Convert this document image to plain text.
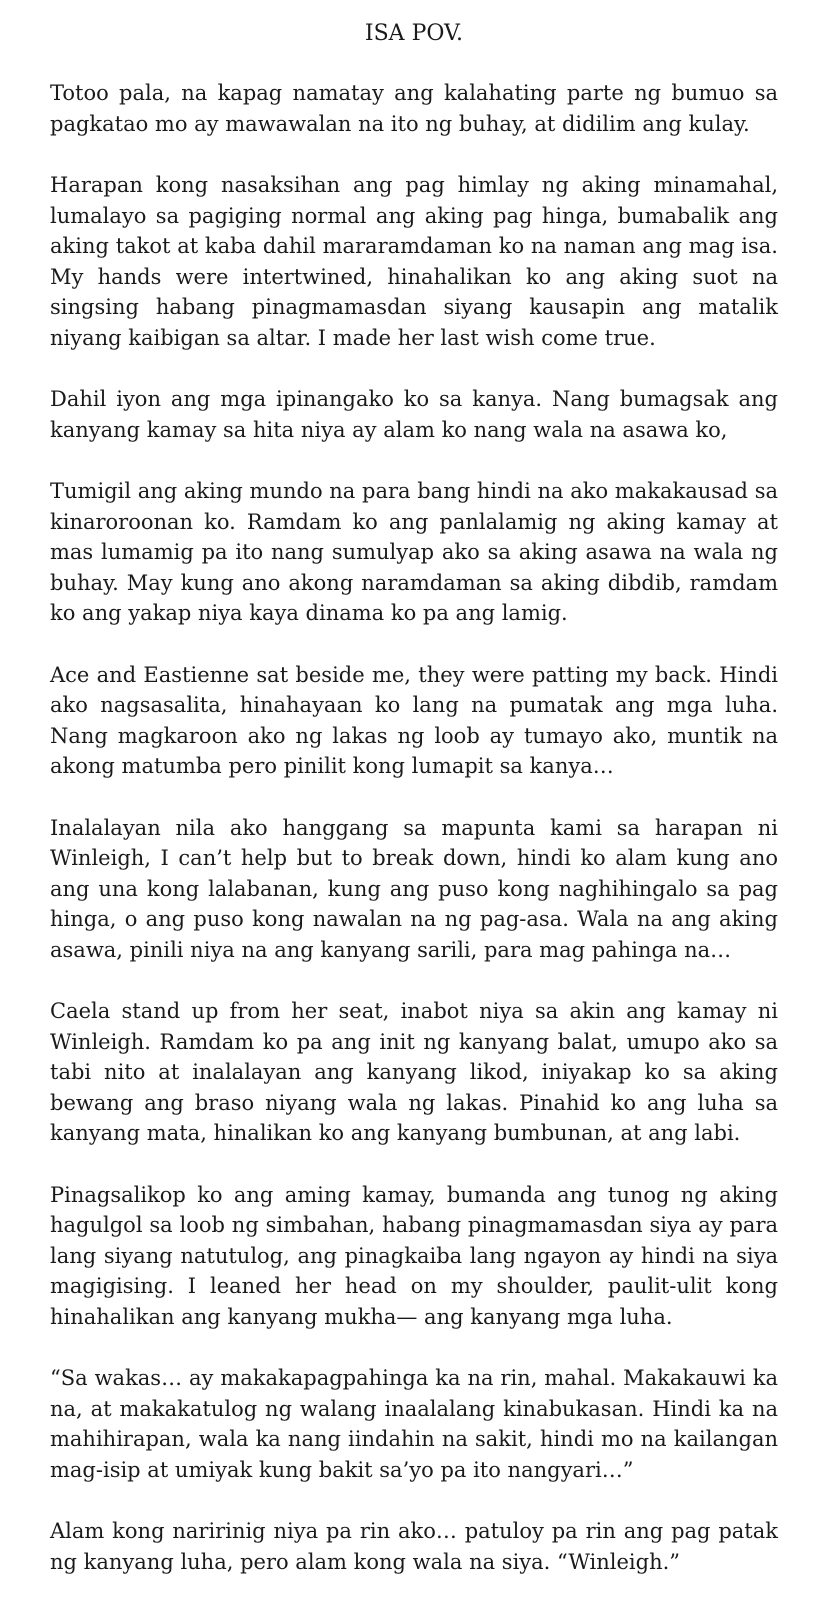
ISA POV.

Totoo pala, na kapag namatay ang kalahating parte ng bumuo sa pagkatao mo ay mawawalan na ito ng buhay, at didilim ang kulay.

Harapan kong nasaksihan ang pag himlay ng aking minamahal, lumalayo sa pagiging normal ang aking pag hinga, bumabalik ang aking takot at kaba dahil mararamdaman ko na naman ang mag isa. My hands were intertwined, hinahalikan ko ang aking suot na singsing habang pinagmamasdan siyang kausapin ang matalik niyang kaibigan sa altar. I made her last wish come true.

Dahil iyon ang mga ipinangako ko sa kanya. Nang bumagsak ang kanyang kamay sa hita niya ay alam ko nang wala na asawa ko,

Tumigil ang aking mundo na para bang hindi na ako makakausad sa kinaroroonan ko. Ramdam ko ang panlalamig ng aking kamay at mas lumamig pa ito nang sumulyap ako sa aking asawa na wala ng buhay. May kung ano akong naramdaman sa aking dibdib, ramdam ko ang yakap niya kaya dinama ko pa ang lamig.

Ace and Eastienne sat beside me, they were patting my back. Hindi ako nagsasalita, hinahayaan ko lang na pumatak ang mga luha. Nang magkaroon ako ng lakas ng loob ay tumayo ako, muntik na akong matumba pero pinilit kong lumapit sa kanya…

Inalalayan nila ako hanggang sa mapunta kami sa harapan ni Winleigh, I can’t help but to break down, hindi ko alam kung ano ang una kong lalabanan, kung ang puso kong naghihingalo sa pag hinga, o ang puso kong nawalan na ng pag-asa. Wala na ang aking asawa, pinili niya na ang kanyang sarili, para mag pahinga na…

Caela stand up from her seat, inabot niya sa akin ang kamay ni Winleigh. Ramdam ko pa ang init ng kanyang balat, umupo ako sa tabi nito at inalalayan ang kanyang likod, iniyakap ko sa aking bewang ang braso niyang wala ng lakas. Pinahid ko ang luha sa kanyang mata, hinalikan ko ang kanyang bumbunan, at ang labi.

Pinagsalikop ko ang aming kamay, bumanda ang tunog ng aking hagulgol sa loob ng simbahan, habang pinagmamasdan siya ay para lang siyang natutulog, ang pinagkaiba lang ngayon ay hindi na siya magigising. I leaned her head on my shoulder, paulit-ulit kong hinahalikan ang kanyang mukha— ang kanyang mga luha.

“Sa wakas… ay makakapagpahinga ka na rin, mahal. Makakauwi ka na, at makakatulog ng walang inaalalang kinabukasan. Hindi ka na mahihirapan, wala ka nang iindahin na sakit, hindi mo na kailangan mag-isip at umiyak kung bakit sa’yo pa ito nangyari…”

Alam kong naririnig niya pa rin ako… patuloy pa rin ang pag patak ng kanyang luha, pero alam kong wala na siya. “Winleigh.”
